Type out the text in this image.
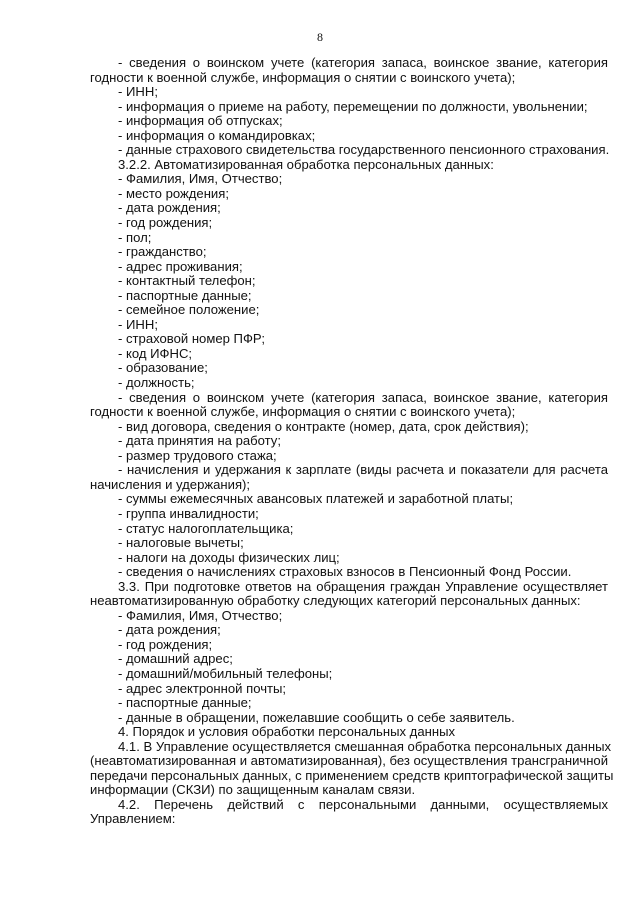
8
- сведения о воинском учете (категория запаса, воинское звание, категория
годности к военной службе, информация о снятии с воинского учета);
- ИНН;
- информация о приеме на работу, перемещении по должности, увольнении;
- информация об отпусках;
- информация о командировках;
- данные страхового свидетельства государственного пенсионного страхования.
3.2.2. Автоматизированная обработка персональных данных:
- Фамилия, Имя, Отчество;
- место рождения;
- дата рождения;
- год рождения;
- пол;
- гражданство;
- адрес проживания;
- контактный телефон;
- паспортные данные;
- семейное положение;
- ИНН;
- страховой номер ПФР;
- код ИФНС;
- образование;
- должность;
- сведения о воинском учете (категория запаса, воинское звание, категория
годности к военной службе, информация о снятии с воинского учета);
- вид договора, сведения о контракте (номер, дата, срок действия);
- дата принятия на работу;
- размер трудового стажа;
- начисления и удержания к зарплате (виды расчета и показатели для расчета
начисления и удержания);
- суммы ежемесячных авансовых платежей и заработной платы;
- группа инвалидности;
- статус налогоплательщика;
- налоговые вычеты;
- налоги на доходы физических лиц;
- сведения о начислениях страховых взносов в Пенсионный Фонд России.
3.3. При подготовке ответов на обращения граждан Управление осуществляет
неавтоматизированную обработку следующих категорий персональных данных:
- Фамилия, Имя, Отчество;
- дата рождения;
- год рождения;
- домашний адрес;
- домашний/мобильный телефоны;
- адрес электронной почты;
- паспортные данные;
- данные в обращении, пожелавшие сообщить о себе заявитель.
4. Порядок и условия обработки персональных данных
4.1. В Управление осуществляется смешанная обработка персональных данных
(неавтоматизированная и автоматизированная), без осуществления трансграничной
передачи персональных данных, с применением средств криптографической защиты
информации (СКЗИ) по защищенным каналам связи.
4.2. Перечень действий с персональными данными, осуществляемых
Управлением:
